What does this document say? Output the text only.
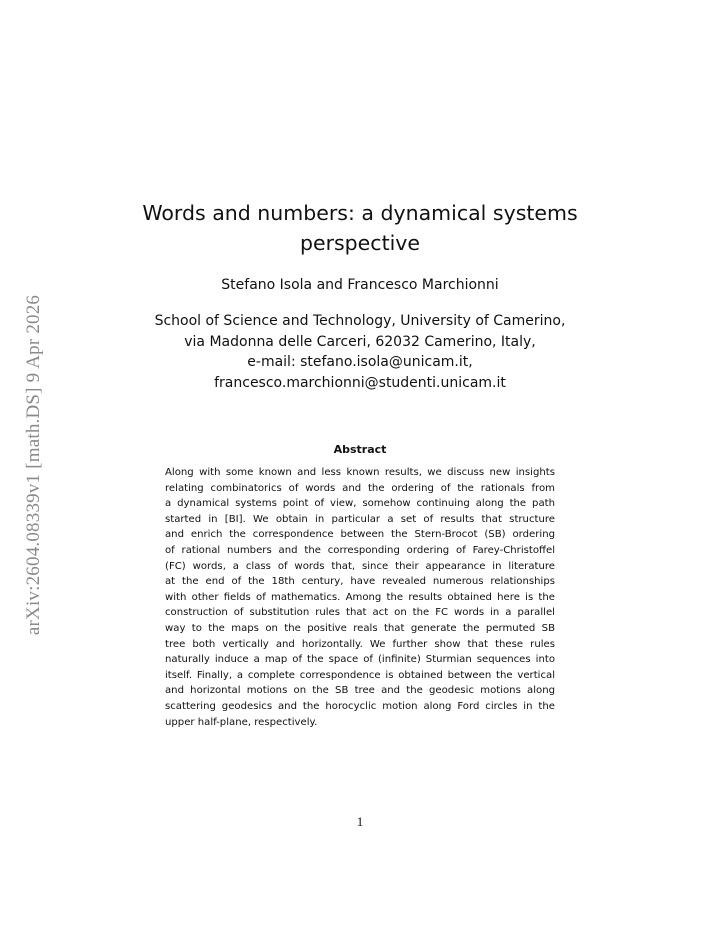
arXiv:2604.08339v1 [math.DS] 9 Apr 2026
Words and numbers: a dynamical systems
perspective
Stefano Isola and Francesco Marchionni
School of Science and Technology, University of Camerino,
via Madonna delle Carceri, 62032 Camerino, Italy,
e-mail: stefano.isola@unicam.it,
francesco.marchionni@studenti.unicam.it
Abstract
Along with some known and less known results, we discuss new insights
relating combinatorics of words and the ordering of the rationals from
a dynamical systems point of view, somehow continuing along the path
started in [BI]. We obtain in particular a set of results that structure
and enrich the correspondence between the Stern-Brocot (SB) ordering
of rational numbers and the corresponding ordering of Farey-Christoffel
(FC) words, a class of words that, since their appearance in literature
at the end of the 18th century, have revealed numerous relationships
with other fields of mathematics. Among the results obtained here is the
construction of substitution rules that act on the FC words in a parallel
way to the maps on the positive reals that generate the permuted SB
tree both vertically and horizontally. We further show that these rules
naturally induce a map of the space of (infinite) Sturmian sequences into
itself. Finally, a complete correspondence is obtained between the vertical
and horizontal motions on the SB tree and the geodesic motions along
scattering geodesics and the horocyclic motion along Ford circles in the
upper half-plane, respectively.
1
